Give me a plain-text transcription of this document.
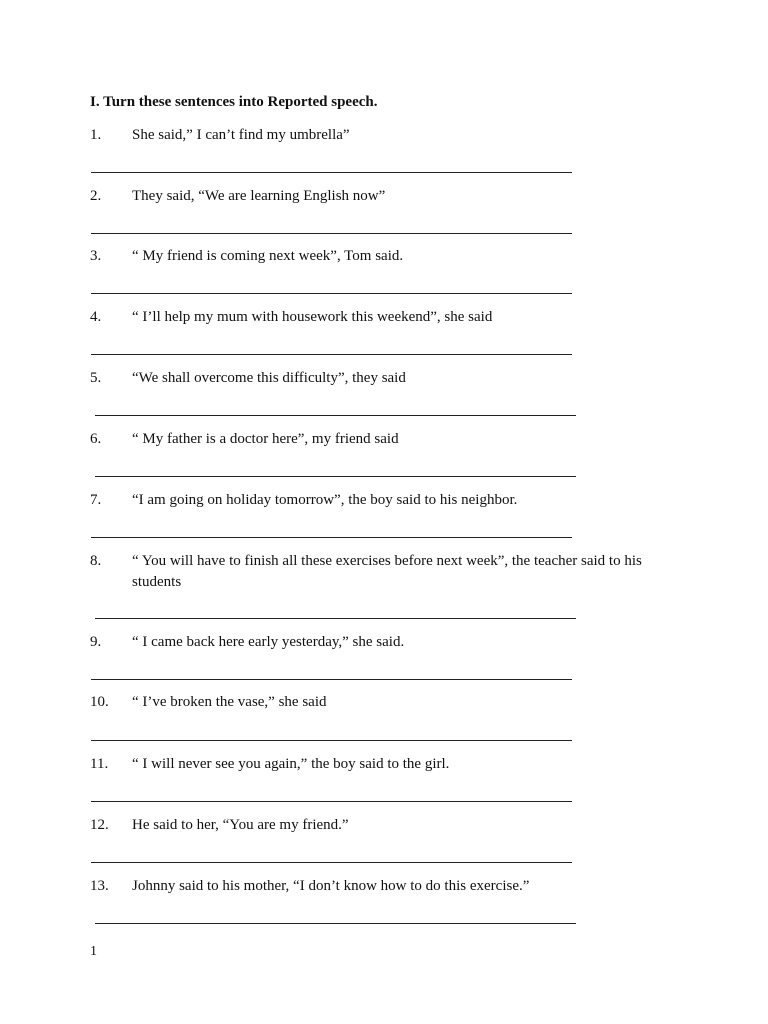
I. Turn these sentences into Reported speech.
1. She said,” I can’t find my umbrella”
2. They said, “We are learning English now”
3. “ My friend is coming next week”, Tom said.
4. “ I’ll help my mum with housework this weekend”, she said
5. “We shall overcome this difficulty”, they said
6. “ My father is a doctor here”, my friend said
7. “I am going on holiday tomorrow”, the boy said to his neighbor.
8. “ You will have to finish all these exercises before next week”, the teacher said to his students
9. “ I came back here early yesterday,” she said.
10. “ I’ve broken the vase,” she said
11. “ I will never see you again,” the boy said to the girl.
12. He said to her, “You are my friend.”
13. Johnny said to his mother, “I don’t know how to do this exercise.”
1
